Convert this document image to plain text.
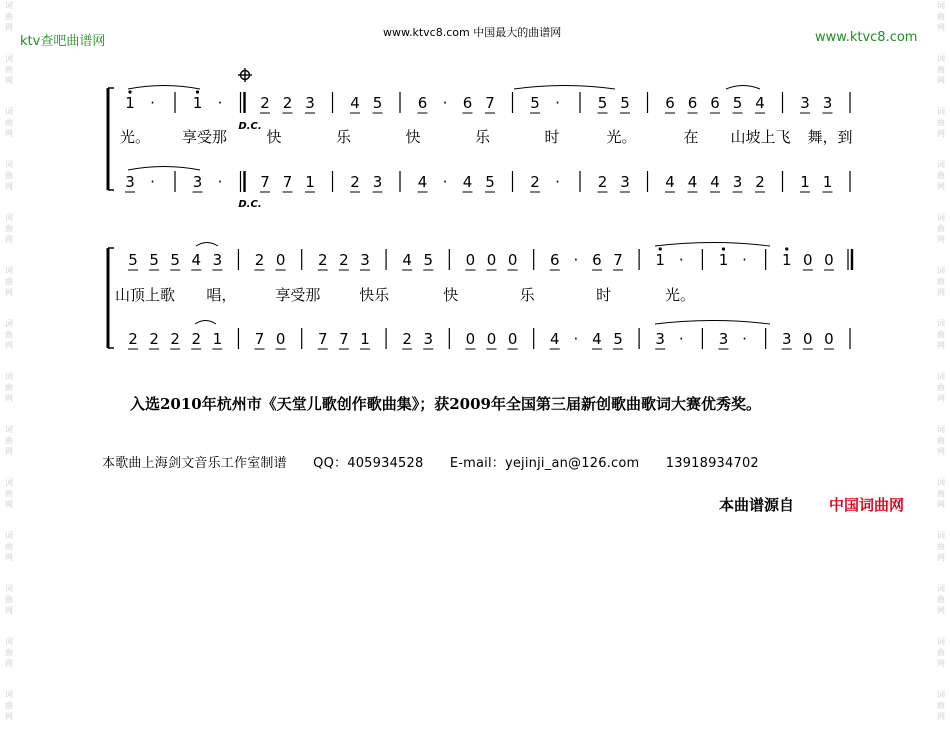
词
曲
网
词
曲
网
词
曲
网
词
曲
网
词
曲
网
词
曲
网
词
曲
网
词
曲
网
词
曲
网
词
曲
网
词
曲
网
词
曲
网
词
曲
网
词
曲
网
词
曲
网
词
曲
网
词
曲
网
词
曲
网
词
曲
网
词
曲
网
词
曲
网
词
曲
网
词
曲
网
词
曲
网
词
曲
网
词
曲
网
词
曲
网
词
曲
网
ktv查吧曲谱网
www.ktvc8.com 中国最大的曲谱网	www.ktvc8.com
1 ·	1 ·	2 2 3 4 5 6 · 6 7 5 ·	5 5 6 6 6 5 4 3 3
光。 享受那	快	乐	快	乐	时	光。	在 山坡上飞 舞，到
3 ·	3 ·	7 7 1 2 3 4 · 4 5 2 ·	2 3 4 4 4 3 2 1 1
D.C.
D.C.
5 5 5 4 3 2 0 2 2 3 4 5 0 0 0 6 · 6 7 1 · 1 · 1 0 0
山顶上歌 唱，	享受那	快乐	快	乐	时	光。
2 2 2 2 1 7 0 7 7 1 2 3 0 0 0 4 · 4 5 3 · 3 · 3 0 0
入选2010年杭州市《天堂儿歌创作歌曲集》；获2009年全国第三届新创歌曲歌词大赛优秀奖。
本歌曲上海剑文音乐工作室制谱 QQ：405934528 E-mail：yejinji_an@126.com 13918934702
本曲谱源自 中国词曲网
